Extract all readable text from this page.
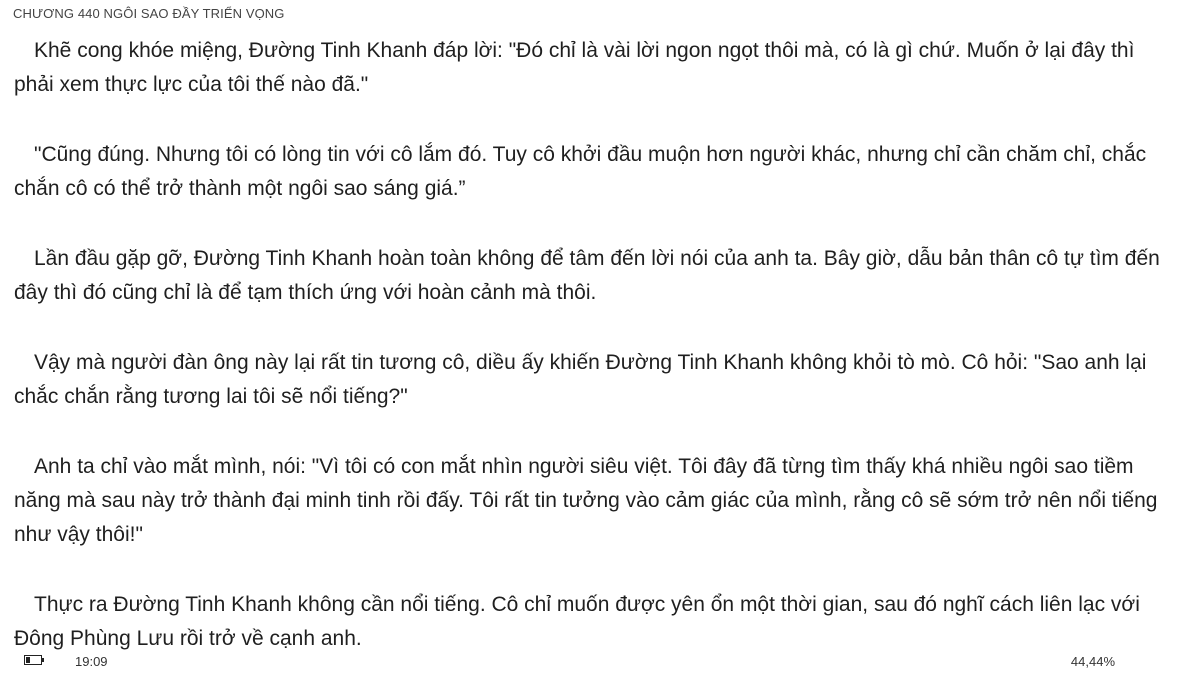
CHƯƠNG 440 NGÔI SAO ĐẦY TRIỂN VỌNG

Khẽ cong khóe miệng, Đường Tinh Khanh đáp lời: "Đó chỉ là vài lời ngon ngọt thôi mà, có là gì chứ. Muốn ở lại đây thì phải xem thực lực của tôi thế nào đã."

"Cũng đúng. Nhưng tôi có lòng tin với cô lắm đó. Tuy cô khởi đầu muộn hơn người khác, nhưng chỉ cần chăm chỉ, chắc chắn cô có thể trở thành một ngôi sao sáng giá.”

Lần đầu gặp gỡ, Đường Tinh Khanh hoàn toàn không để tâm đến lời nói của anh ta. Bây giờ, dẫu bản thân cô tự tìm đến đây thì đó cũng chỉ là để tạm thích ứng với hoàn cảnh mà thôi.

Vậy mà người đàn ông này lại rất tin tương cô, diều ấy khiến Đường Tinh Khanh không khỏi tò mò. Cô hỏi: "Sao anh lại chắc chắn rằng tương lai tôi sẽ nổi tiếng?"

Anh ta chỉ vào mắt mình, nói: "Vì tôi có con mắt nhìn người siêu việt. Tôi đây đã từng tìm thấy khá nhiều ngôi sao tiềm năng mà sau này trở thành đại minh tinh rồi đấy. Tôi rất tin tưởng vào cảm giác của mình, rằng cô sẽ sớm trở nên nổi tiếng như vậy thôi!"

Thực ra Đường Tinh Khanh không cần nổi tiếng. Cô chỉ muốn được yên ổn một thời gian, sau đó nghĩ cách liên lạc với Đông Phùng Lưu rồi trở về cạnh anh.

19:09	44,44%
